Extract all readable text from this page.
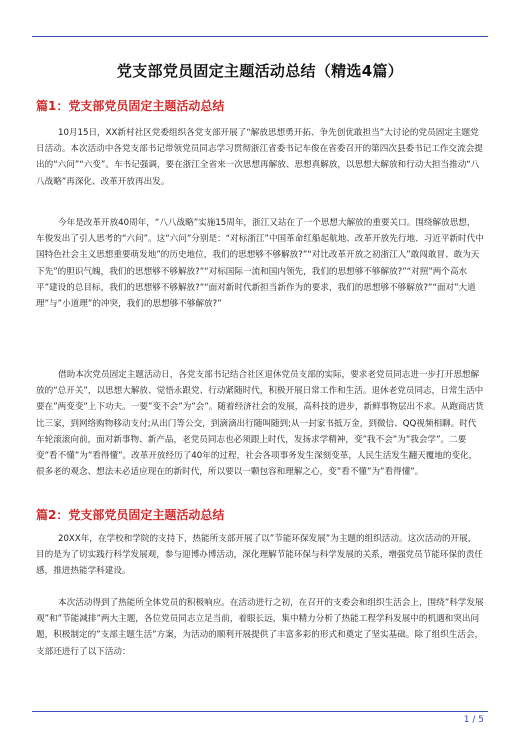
党支部党员固定主题活动总结（精选4篇）
篇1：党支部党员固定主题活动总结

10月15日，XX新村社区党委组织各党支部开展了“解放思想勇开拓、争先创优敢担当”大讨论的党员固定主题党日活动。本次活动中各党支部书记带领党员同志学习贯彻浙江省委书记车俊在省委召开的第四次县委书记工作交流会提出的“六问”“六变”。车书记强调，要在浙江全省来一次思想再解放、思想真解放，以思想大解放和行动大担当推动“八八战略”再深化、改革开放再出发。

今年是改革开放40周年，“八八战略”实施15周年，浙江又站在了一个思想大解放的重要关口。围绕解放思想，车俊发出了引人思考的“六问”。这“六问”分别是：“对标浙江”中国革命红船起航地、改革开放先行地、习近平新时代中国特色社会主义思想重要萌发地”的历史地位，我们的思想够不够解放?”“对比改革开放之初浙江人”敢闯敢冒、敢为天下先”的胆识气魄，我们的思想够不够解放?”“对标国际一流和国内领先，我们的思想够不够解放?”“对照”两个高水平”建设的总目标，我们的思想够不够解放?”“面对新时代新担当新作为的要求，我们的思想够不够解放?”“面对”大道理”与”小道理”的冲突，我们的思想够不够解放?”

借助本次党员固定主题活动日，各党支部书记结合社区退休党员支部的实际，要求老党员同志进一步打开思想解放的“总开关”，以思想大解放、觉悟永跟党、行动紧随时代，积极开展日常工作和生活。退休老党员同志，日常生活中要在”两变变”上下功夫。一要”变不会”为”会”。随着经济社会的发展，高科技的进步，新鲜事物层出不求。从跑商店货比三家，到网络购物移动支付;从出门等公交，到滴滴出行随叫随到;从一封家书抵万金，到微信、QQ视频相聊。时代车轮滚滚向前，面对新事物、新产品，老党员同志也必须跟上时代，发扬求学精神，变”我不会”为”我会学”。二要变”看不懂”为”看得懂”。改革开放经历了40年的过程，社会各项事务发生深刻变革，人民生活发生翻天覆地的变化，很多老的观念、想法未必适应现在的新时代，所以要以一颗包容和理解之心，变”看不懂”为”看得懂”。

篇2：党支部党员固定主题活动总结

20XX年，在学校和学院的支持下，热能所支部开展了以”节能环保发展”为主题的组织活动。这次活动的开展，目的是为了切实践行科学发展观，参与迎博办博活动，深化理解节能环保与科学发展的关系，增强党员节能环保的责任感，推进热能学科建设。

本次活动得到了热能所全体党员的积极响应。在活动进行之初，在召开的支委会和组织生活会上，围绕”科学发展观”和”节能减排”两大主题，各位党员同志立足当前，着眼长远，集中精力分析了热能工程学科发展中的机遇和突出问题，积极制定的”支部主题生活”方案，为活动的顺利开展提供了丰富多彩的形式和奠定了坚实基础。除了组织生活会，支部还进行了以下活动：

1 / 5
